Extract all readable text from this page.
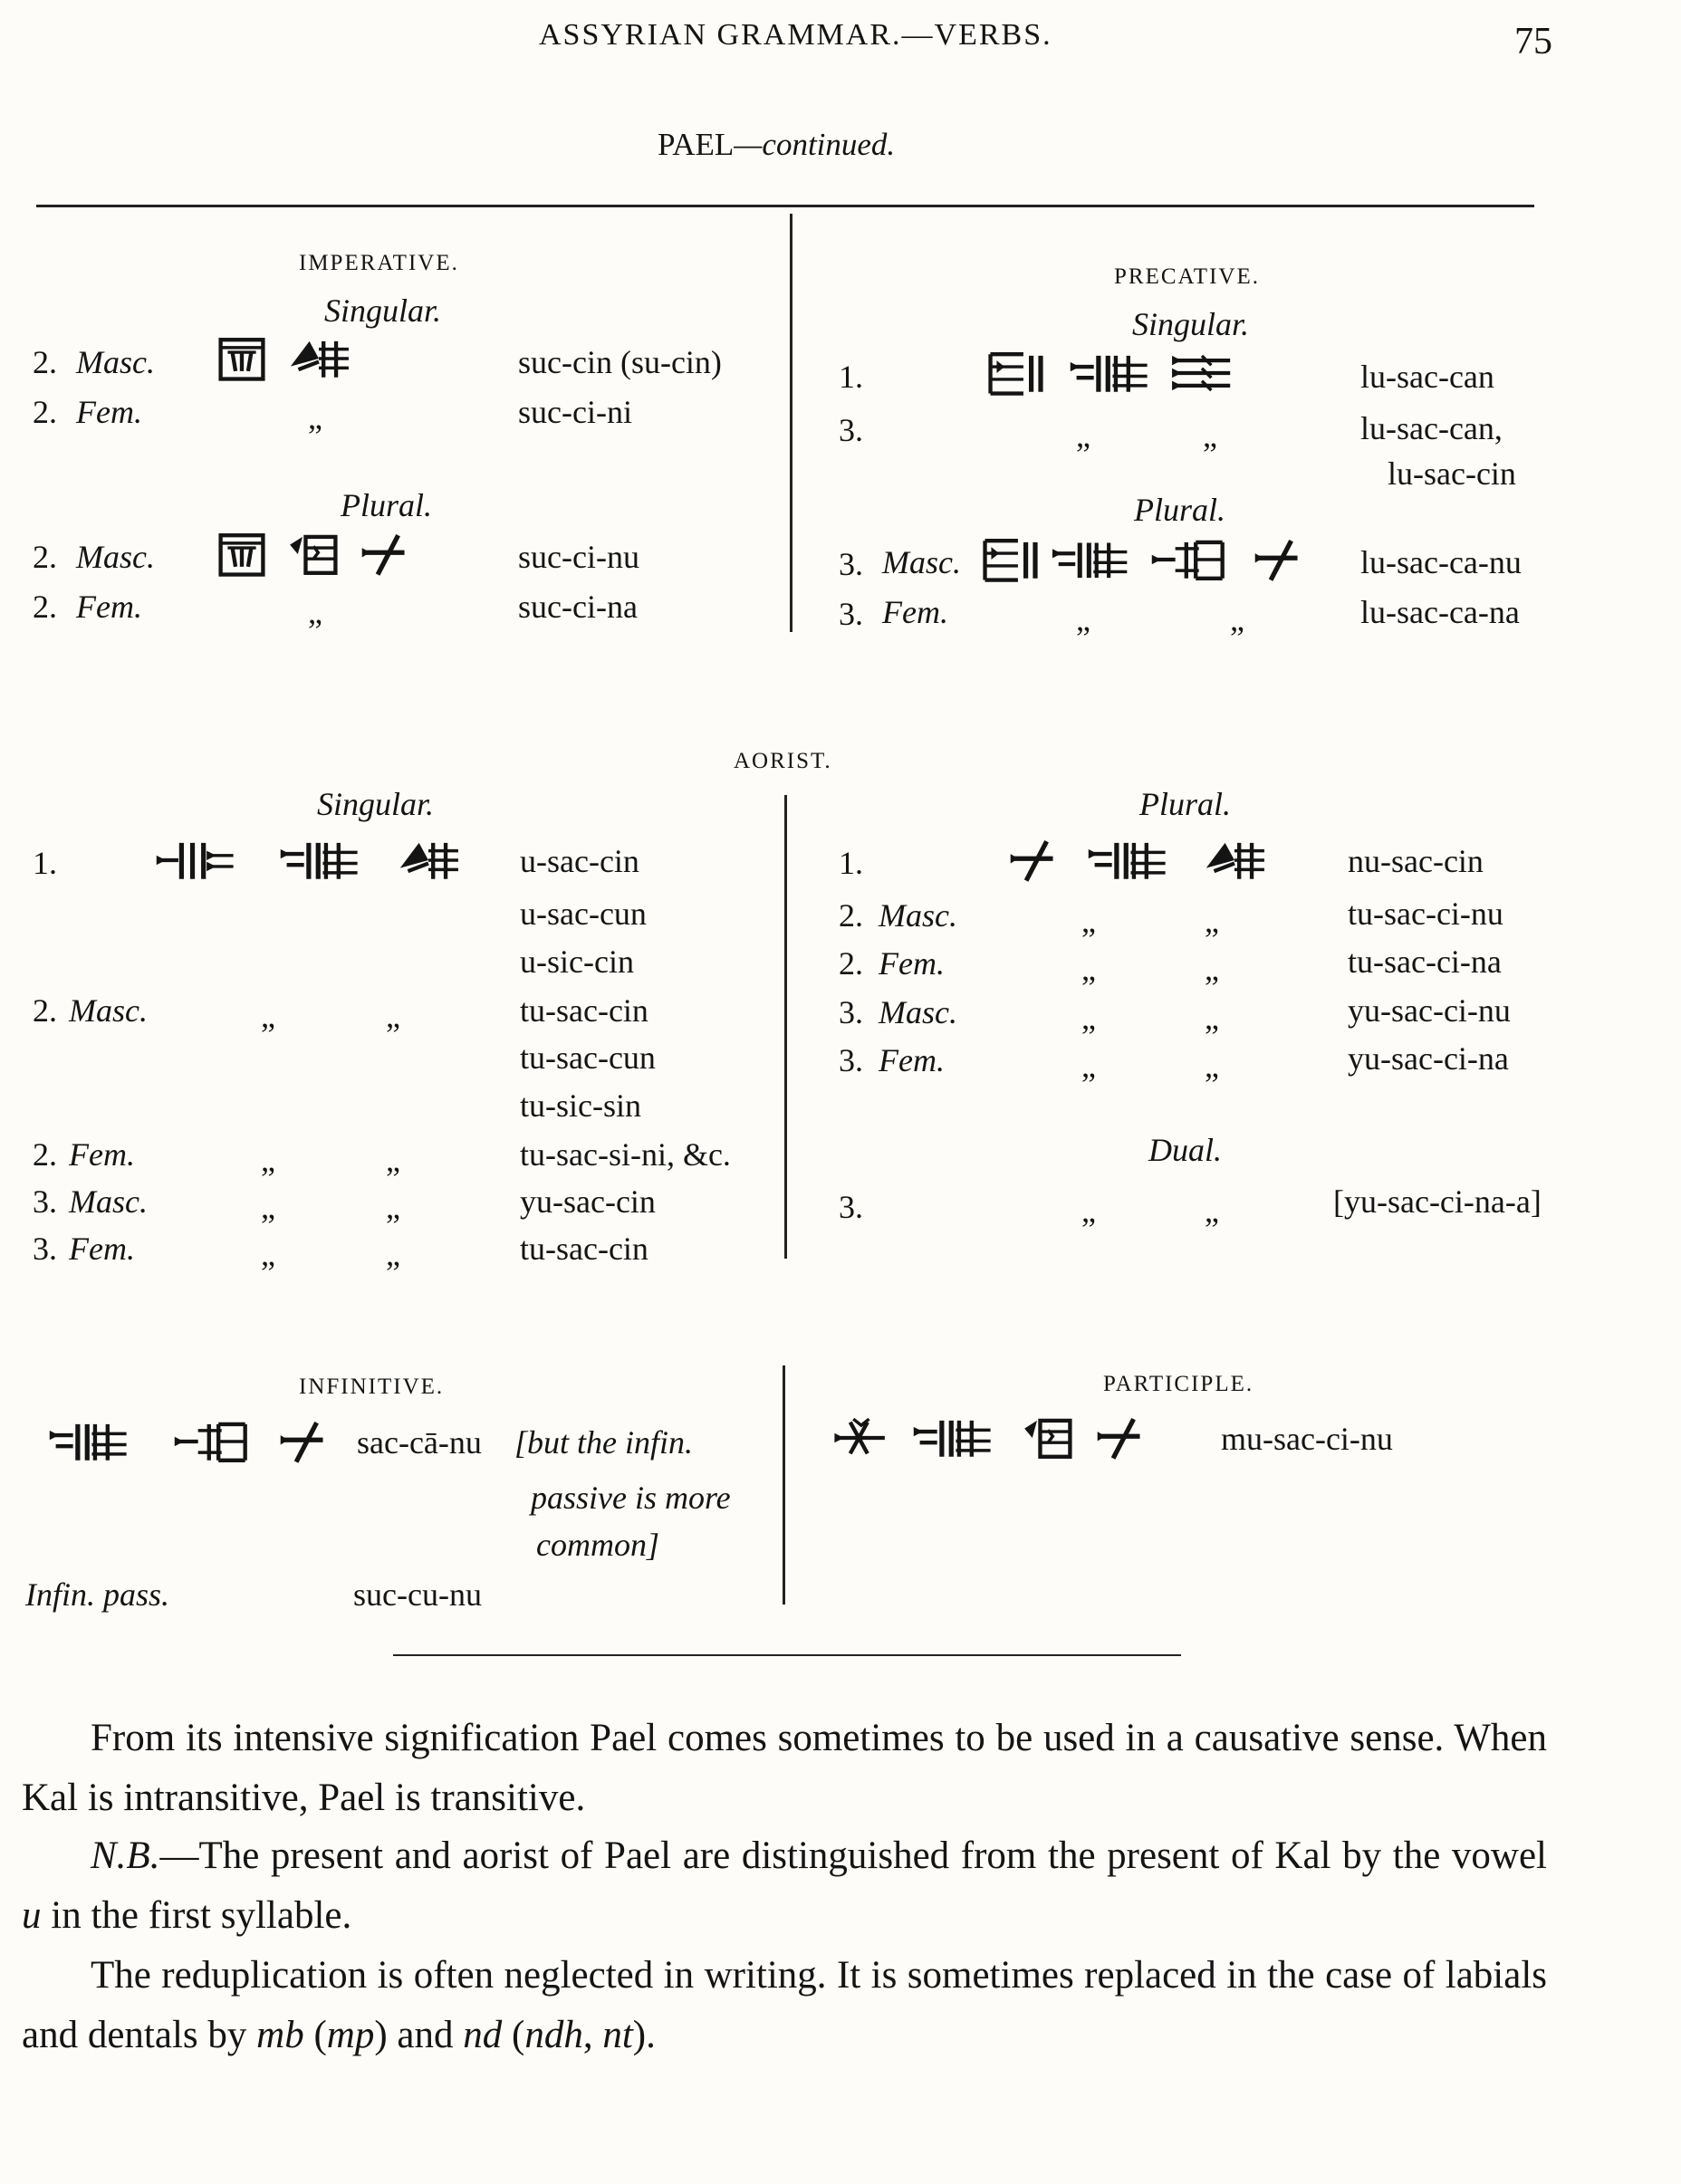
ASSYRIAN GRAMMAR.—VERBS.	75
PAEL—continued.
IMPERATIVE.
Singular.
2. Masc.	suc-cin (su-cin)
2. Fem.	„	suc-ci-ni
Plural.
2. Masc.	suc-ci-nu
2. Fem.	„	suc-ci-na
PRECATIVE.
Singular.
1.	lu-sac-can
3.	„	„	lu-sac-can,
lu-sac-cin
Plural.
3. Masc.	lu-sac-ca-nu
3. Fem.	„	„	lu-sac-ca-na
AORIST.
Singular.	Plural.
1.	u-sac-cin
u-sac-cun
u-sic-cin
2. Masc.	„	„	tu-sac-cin
tu-sac-cun
tu-sic-sin
2. Fem.	„	„	tu-sac-si-ni, &c.
3. Masc.	„	„	yu-sac-cin
3. Fem.	„	„	tu-sac-cin
1.	nu-sac-cin
2. Masc.	„	„	tu-sac-ci-nu
2. Fem.	„	„	tu-sac-ci-na
3. Masc.	„	„	yu-sac-ci-nu
3. Fem.	„	„	yu-sac-ci-na
Dual.
3.	„	„	[yu-sac-ci-na-a]
INFINITIVE.
sac-cā-nu [but the infin.
passive is more
common]
Infin. pass.	suc-cu-nu
PARTICIPLE.
mu-sac-ci-nu
From its intensive signification Pael comes sometimes to be used in a causative sense. When Kal is intransitive, Pael is transitive.
N.B.—The present and aorist of Pael are distinguished from the present of Kal by the vowel u in the first syllable.
The reduplication is often neglected in writing. It is sometimes replaced in the case of labials and dentals by mb (mp) and nd (ndh, nt).
